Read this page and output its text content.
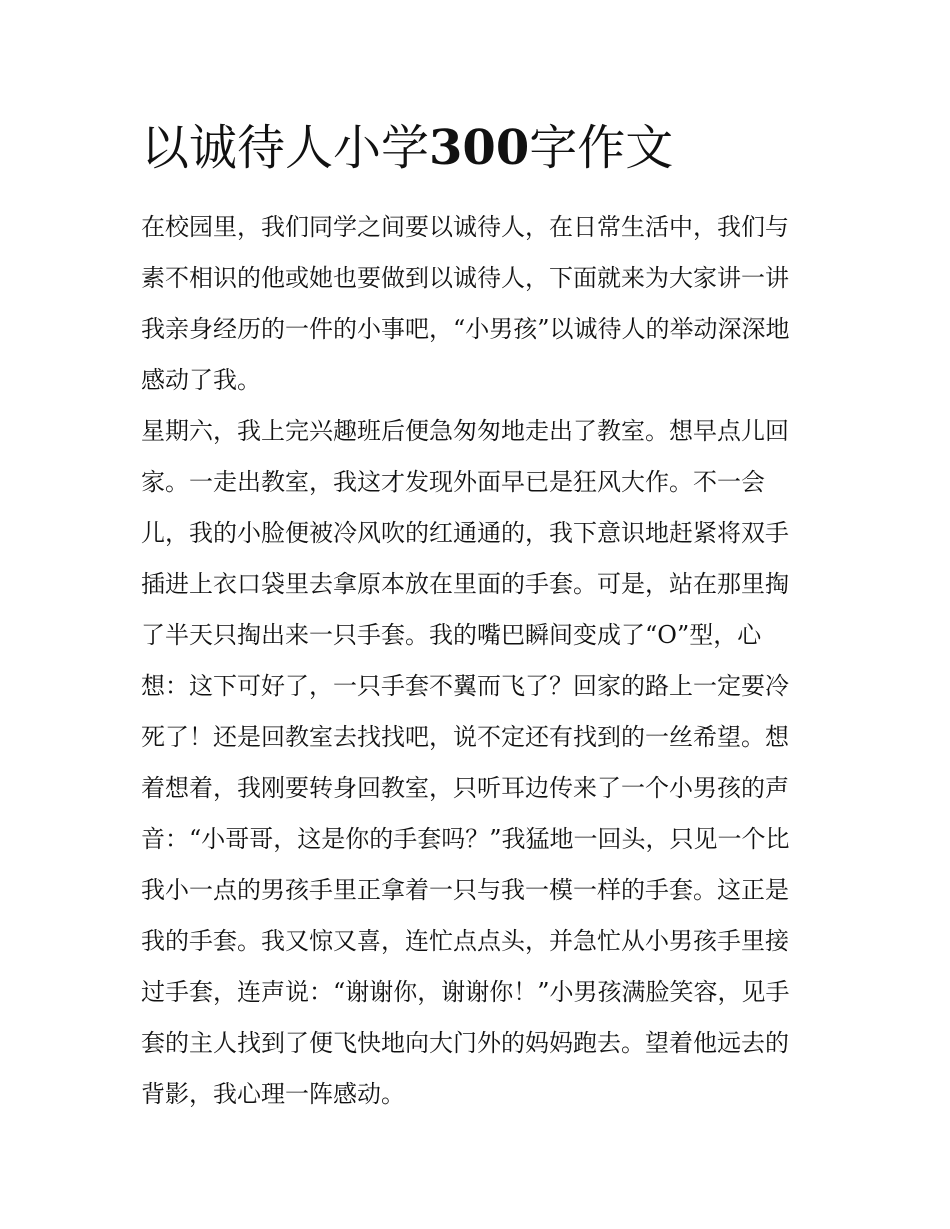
以诚待人小学300字作文
在校园里，我们同学之间要以诚待人，在日常生活中，我们与
素不相识的他或她也要做到以诚待人，下面就来为大家讲一讲
我亲身经历的一件的小事吧，“小男孩”以诚待人的举动深深地
感动了我。
星期六，我上完兴趣班后便急匆匆地走出了教室。想早点儿回
家。一走出教室，我这才发现外面早已是狂风大作。不一会
儿，我的小脸便被冷风吹的红通通的，我下意识地赶紧将双手
插进上衣口袋里去拿原本放在里面的手套。可是，站在那里掏
了半天只掏出来一只手套。我的嘴巴瞬间变成了“O”型，心
想：这下可好了，一只手套不翼而飞了？回家的路上一定要冷
死了！还是回教室去找找吧，说不定还有找到的一丝希望。想
着想着，我刚要转身回教室，只听耳边传来了一个小男孩的声
音：“小哥哥，这是你的手套吗？”我猛地一回头，只见一个比
我小一点的男孩手里正拿着一只与我一模一样的手套。这正是
我的手套。我又惊又喜，连忙点点头，并急忙从小男孩手里接
过手套，连声说：“谢谢你，谢谢你！”小男孩满脸笑容，见手
套的主人找到了便飞快地向大门外的妈妈跑去。望着他远去的
背影，我心理一阵感动。
